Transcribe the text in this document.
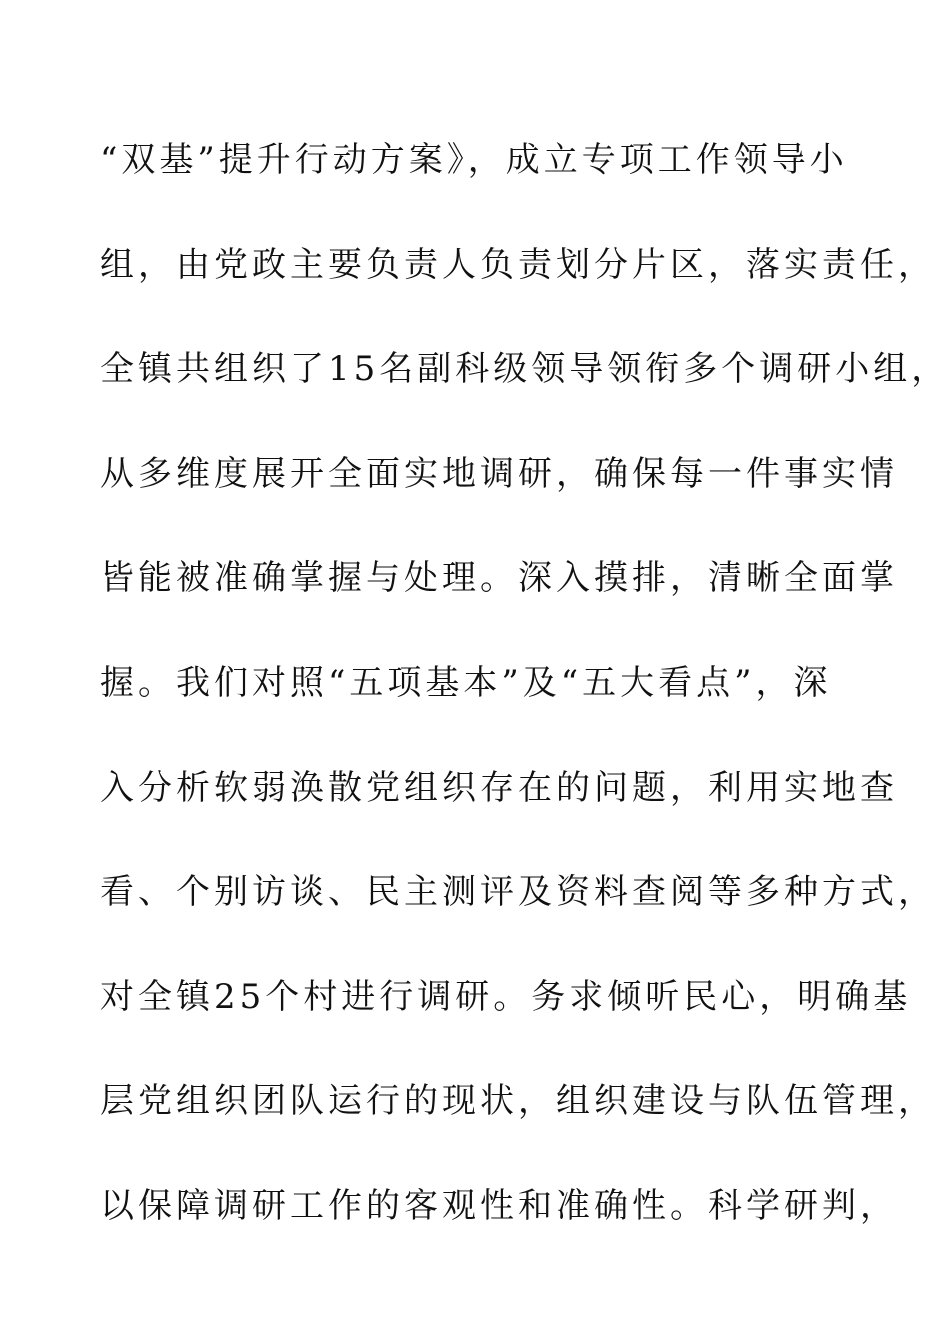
“双基”提升行动方案》，成立专项工作领导小
组，由党政主要负责人负责划分片区，落实责任，
全镇共组织了15名副科级领导领衔多个调研小组，
从多维度展开全面实地调研，确保每一件事实情
皆能被准确掌握与处理。深入摸排，清晰全面掌
握。我们对照“五项基本”及“五大看点”，深
入分析软弱涣散党组织存在的问题，利用实地查
看、个别访谈、民主测评及资料查阅等多种方式，
对全镇25个村进行调研。务求倾听民心，明确基
层党组织团队运行的现状，组织建设与队伍管理，
以保障调研工作的客观性和准确性。科学研判，
